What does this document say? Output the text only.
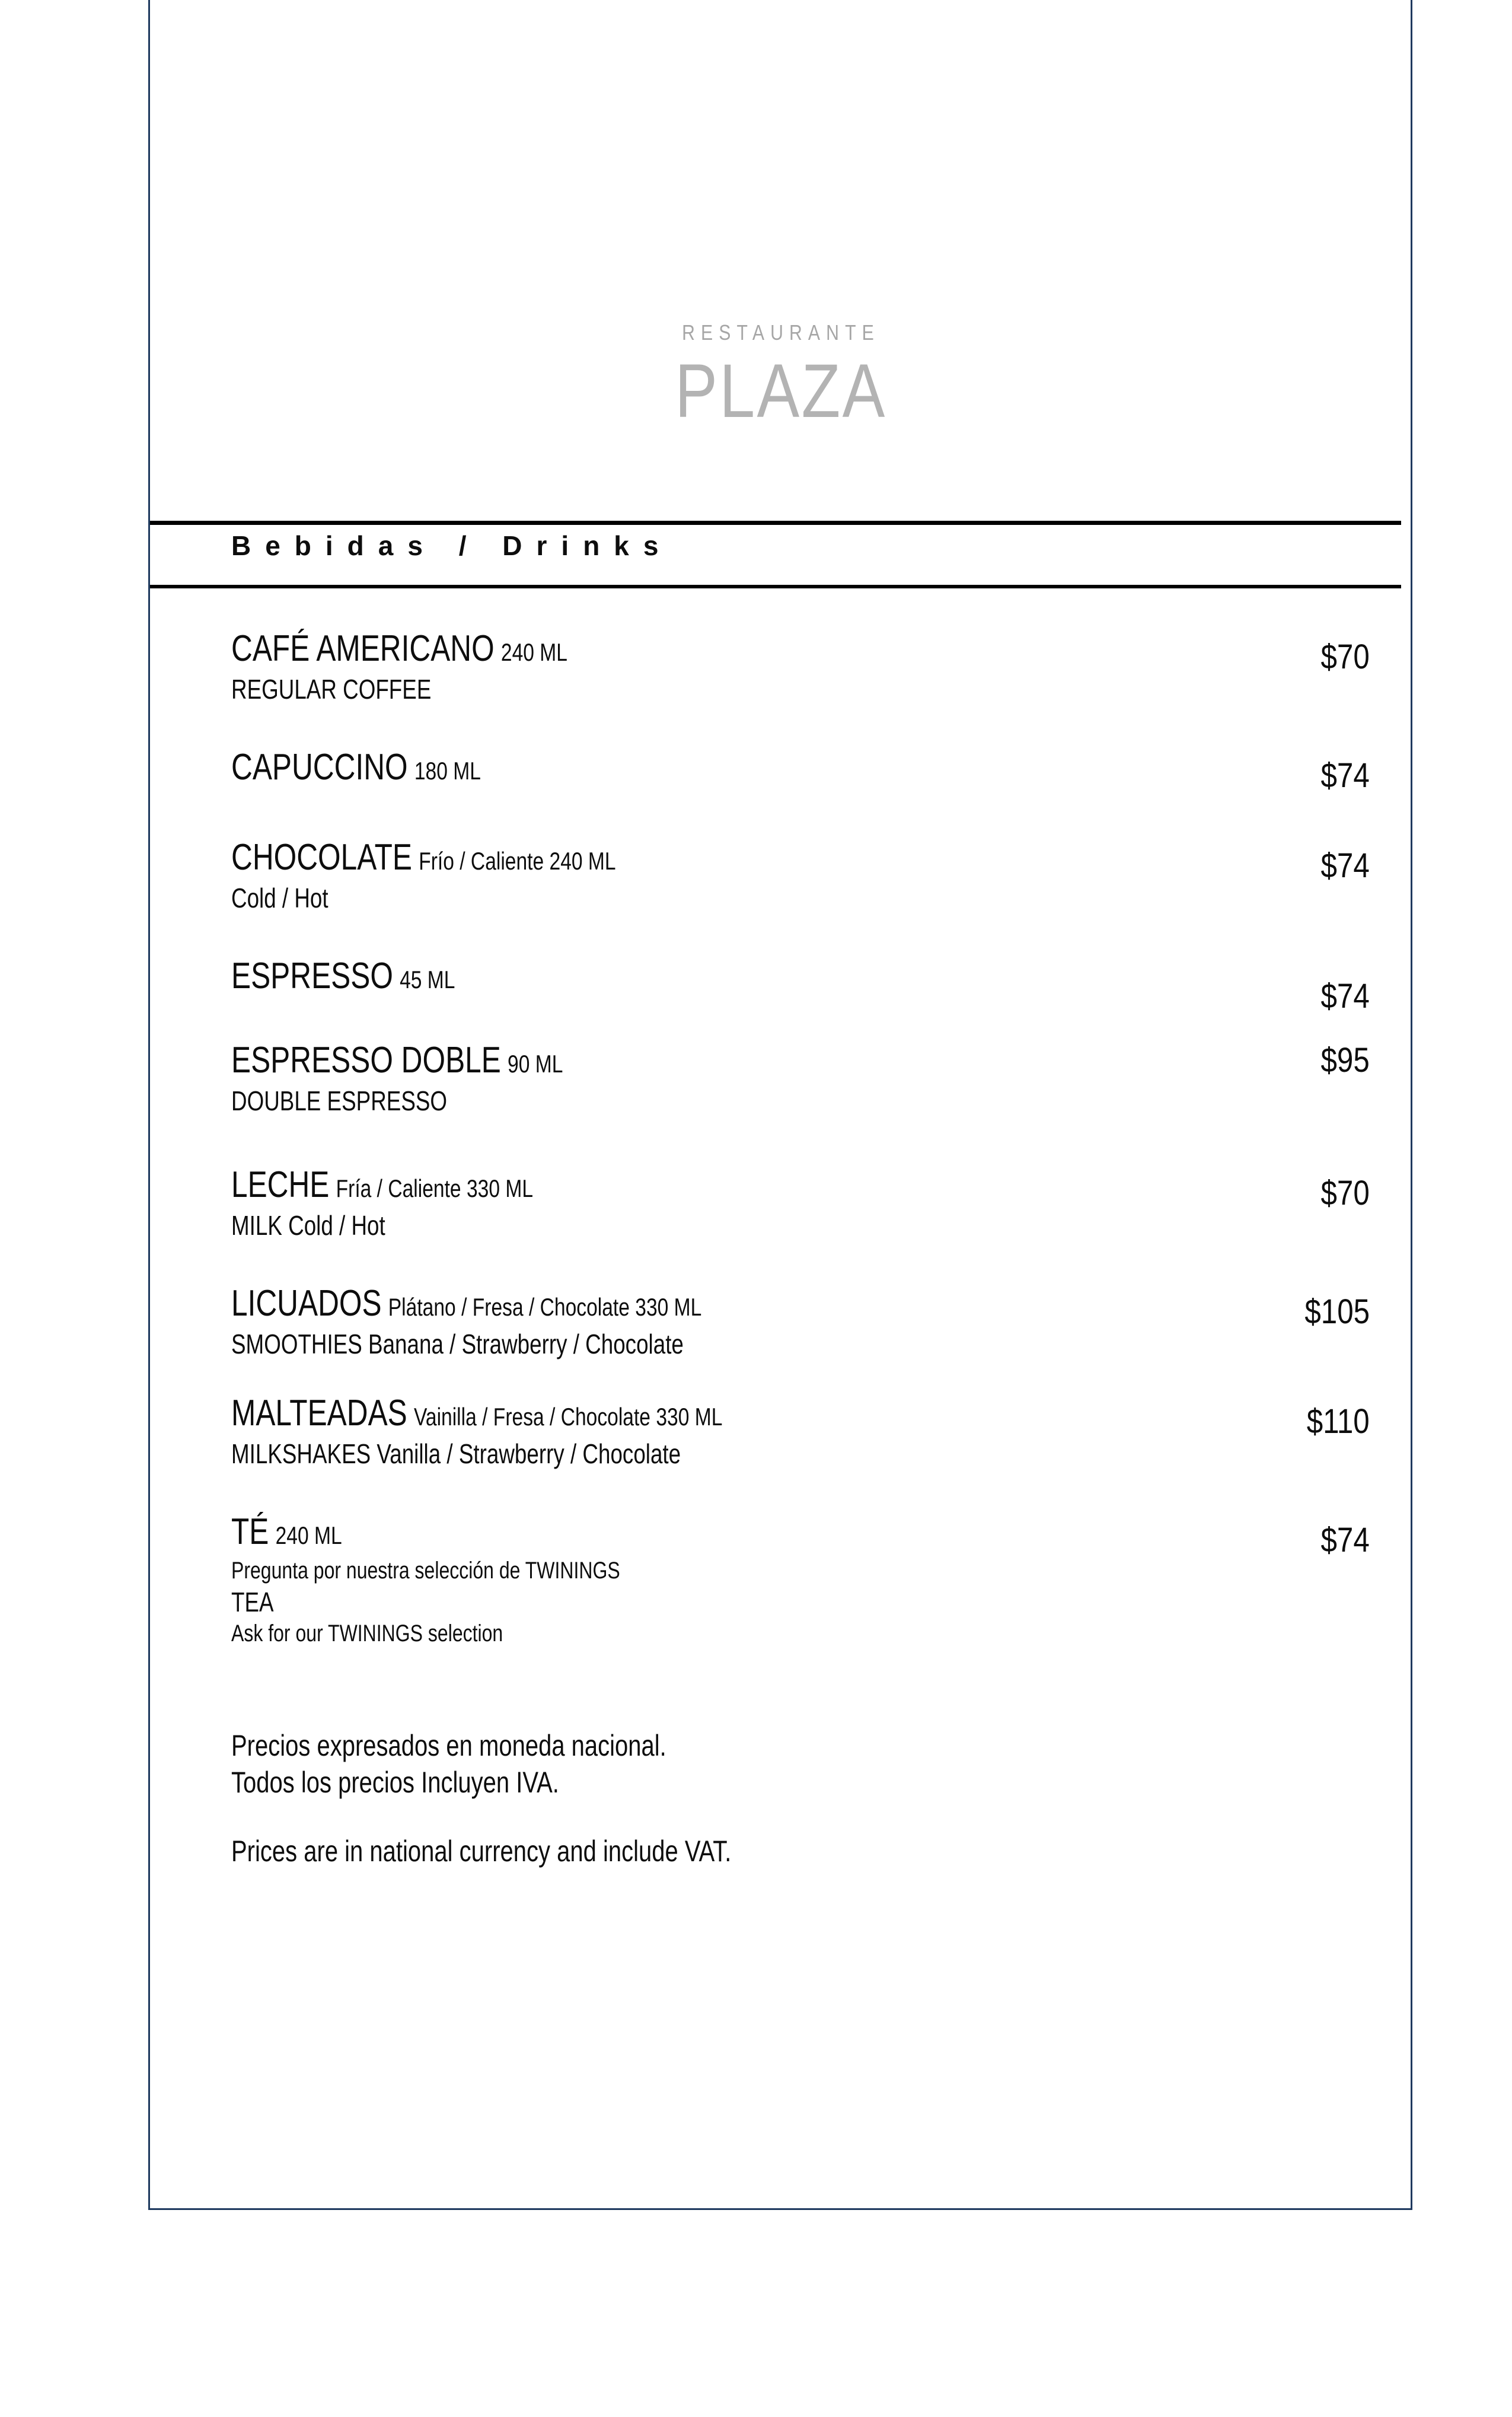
RESTAURANTE
PLAZA
Bebidas / Drinks
CAFÉ AMERICANO 240 ML
REGULAR COFFEE
$70
CAPUCCINO 180 ML	$74
CHOCOLATE Frío / Caliente 240 ML
Cold / Hot
$74
ESPRESSO 45 ML	$74
ESPRESSO DOBLE 90 ML
DOUBLE ESPRESSO
$95
LECHE Fría / Caliente 330 ML
MILK Cold / Hot
$70
LICUADOS Plátano / Fresa / Chocolate 330 ML
SMOOTHIES Banana / Strawberry / Chocolate
$105
MALTEADAS Vainilla / Fresa / Chocolate 330 ML
MILKSHAKES Vanilla / Strawberry / Chocolate
$110
TÉ 240 ML
Pregunta por nuestra selección de TWININGS
TEA
Ask for our TWININGS selection
$74
Precios expresados en moneda nacional.
Todos los precios Incluyen IVA.
Prices are in national currency and include VAT.
